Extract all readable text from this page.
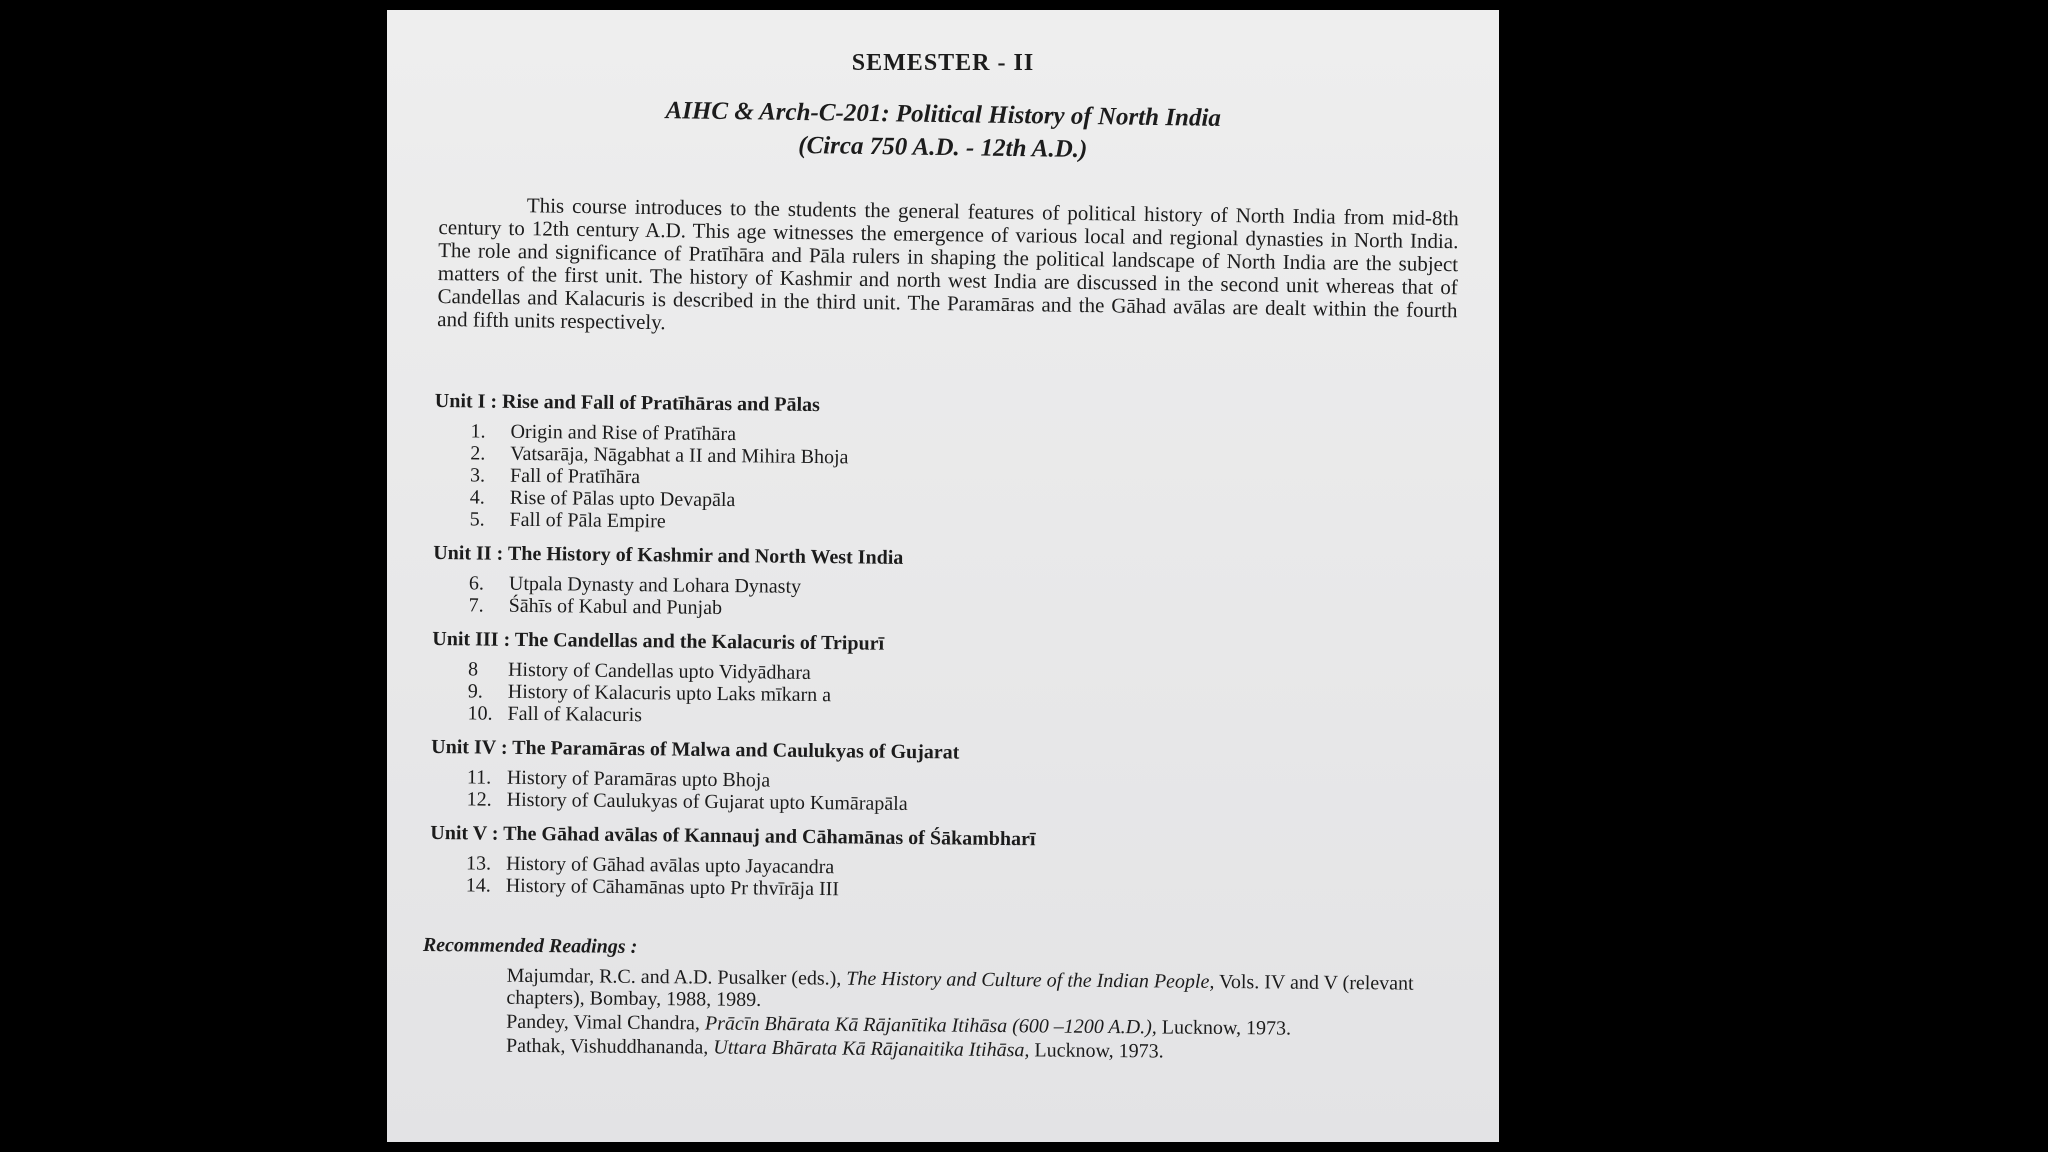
SEMESTER - II
AIHC & Arch-C-201: Political History of North India
(Circa 750 A.D. - 12th A.D.)

This course introduces to the students the general features of political history of North India from mid-8th century to 12th century A.D. This age witnesses the emergence of various local and regional dynasties in North India. The role and significance of Pratīhāra and Pāla rulers in shaping the political landscape of North India are the subject matters of the first unit. The history of Kashmir and north west India are discussed in the second unit whereas that of Candellas and Kalacuris is described in the third unit. The Paramāras and the Gāhad avālas are dealt within the fourth and fifth units respectively.

Unit I : Rise and Fall of Pratīhāras and Pālas
1.	Origin and Rise of Pratīhāra
2.	Vatsarāja, Nāgabhat a II and Mihira Bhoja
3.	Fall of Pratīhāra
4.	Rise of Pālas upto Devapāla
5.	Fall of Pāla Empire
Unit II : The History of Kashmir and North West India
6.	Utpala Dynasty and Lohara Dynasty
7.	Śāhīs of Kabul and Punjab
Unit III : The Candellas and the Kalacuris of Tripurī
8	History of Candellas upto Vidyādhara
9.	History of Kalacuris upto Laks mīkarn a
10. Fall of Kalacuris
Unit IV : The Paramāras of Malwa and Caulukyas of Gujarat
11. History of Paramāras upto Bhoja
12. History of Caulukyas of Gujarat upto Kumārapāla
Unit V : The Gāhad avālas of Kannauj and Cāhamānas of Śākambharī
13. History of Gāhad avālas upto Jayacandra
14. History of Cāhamānas upto Pr thvīrāja III
Recommended Readings :
Majumdar, R.C. and A.D. Pusalker (eds.), The History and Culture of the Indian People, Vols. IV and V (relevant chapters), Bombay, 1988, 1989.
Pandey, Vimal Chandra, Prācīn Bhārata Kā Rājanītika Itihāsa (600 –1200 A.D.), Lucknow, 1973.
Pathak, Vishuddhananda, Uttara Bhārata Kā Rājanaitika Itihāsa, Lucknow, 1973.
